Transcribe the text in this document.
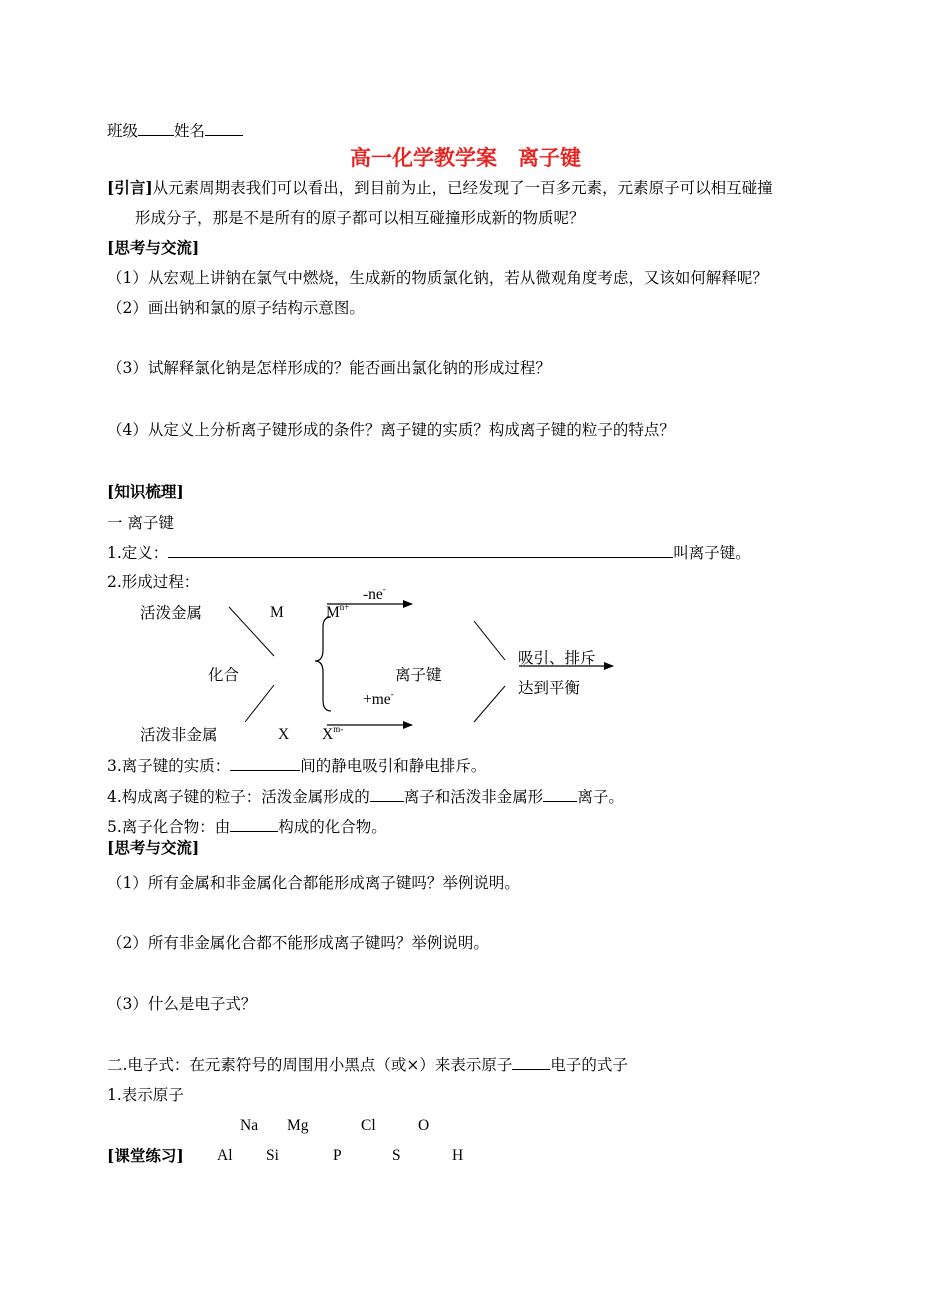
班级 姓名
高一化学教学案　离子键
[引言]从元素周期表我们可以看出，到目前为止，已经发现了一百多元素，元素原子可以相互碰撞
形成分子，那是不是所有的原子都可以相互碰撞形成新的物质呢？
[思考与交流]
（1）从宏观上讲钠在氯气中燃烧，生成新的物质氯化钠，若从微观角度考虑，又该如何解释呢？
（2）画出钠和氯的原子结构示意图。
（3）试解释氯化钠是怎样形成的？能否画出氯化钠的形成过程？
（4）从定义上分析离子键形成的条件？离子键的实质？构成离子键的粒子的特点？
[知识梳理]
一 离子键
1.定义：	叫离子键。
2.形成过程：
活泼金属	M	$M^{n+}$
-ne-
化合	离子键
吸引、排斥
达到平衡
+me-
活泼非金属	X $X^{m-}$
3.离子键的实质：	间的静电吸引和静电排斥。
4.构成离子键的粒子：活泼金属形成的 离子和活泼非金属形 离子。
5.离子化合物：由	构成的化合物。
[思考与交流]
（1）所有金属和非金属化合都能形成离子键吗？举例说明。
（2）所有非金属化合都不能形成离子键吗？举例说明。
（3）什么是电子式？
二.电子式：在元素符号的周围用小黑点（或×）来表示原子 电子的式子
1.表示原子
Na Mg	Cl	O
[课堂练习] Al Si	P	S	H
